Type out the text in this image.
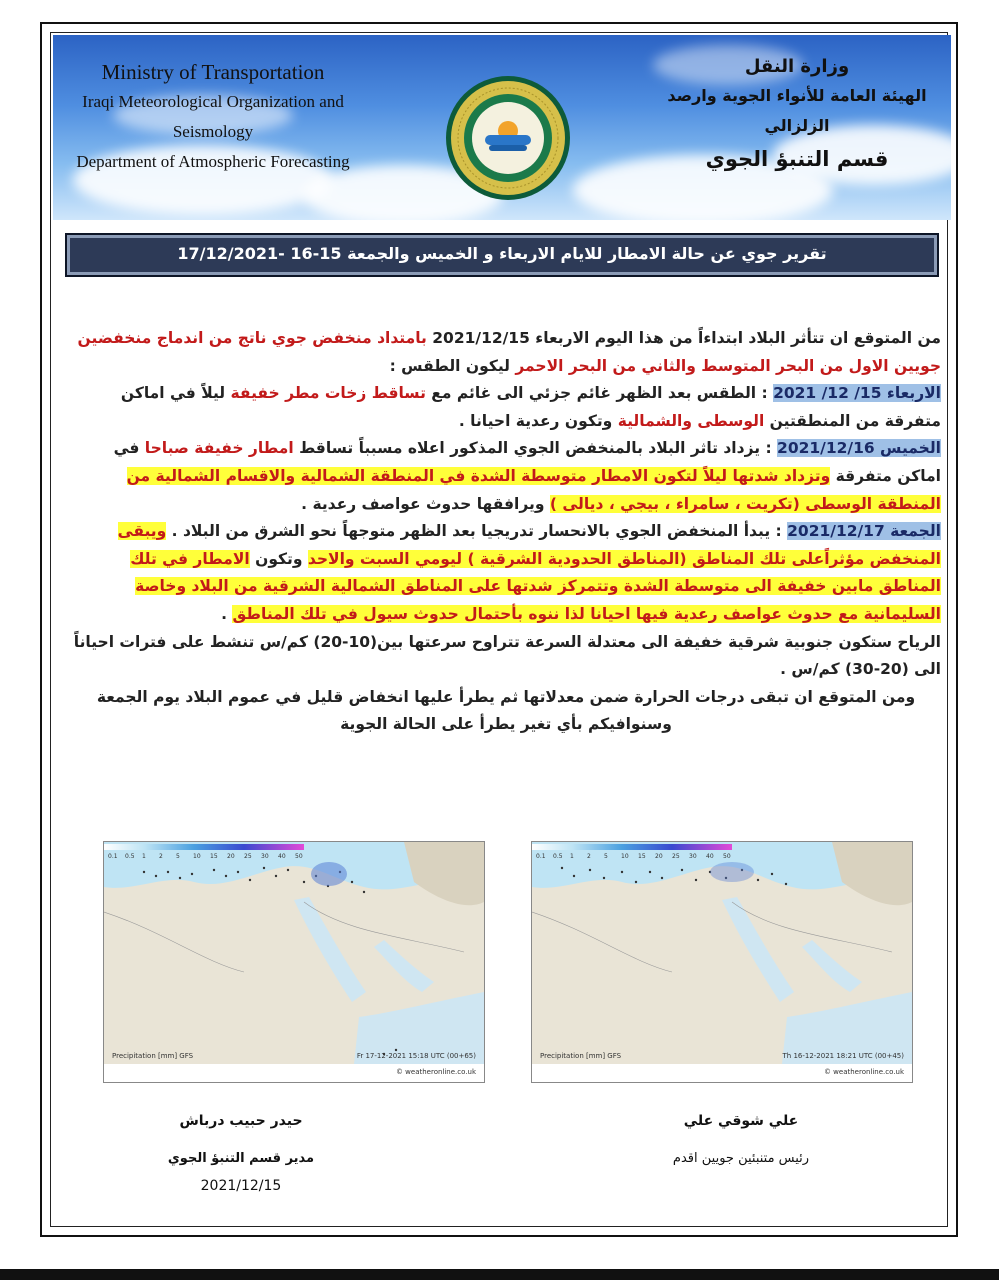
Ministry of Transportation
Iraqi Meteorological Organization and Seismology
Department of Atmospheric Forecasting
وزارة النقل
الهيئة العامة للأنواء الجوية وارصد الزلزالي
قسم التنبؤ الجوي
تقرير جوي عن حالة الامطار للايام الاربعاء و الخميس والجمعة 15-16 -17/12/2021

من المتوقع ان تتأثر البلاد ابتداءاً من هذا اليوم الاربعاء 2021/12/15 بامتداد منخفض جوي ناتج من اندماج منخفضين جويين الاول من البحر المتوسط والثاني من البحر الاحمر ليكون الطقس :

الاربعاء 15/ 12/ 2021 : الطقس بعد الظهر غائم جزئي الى غائم مع تساقط زخات مطر خفيفة ليلاً في اماكن متفرقة من المنطقتين الوسطى والشمالية وتكون رعدية احيانا .

الخميس 2021/12/16 : يزداد تاثر البلاد بالمنخفض الجوي المذكور اعلاه مسبباً تساقط امطار خفيفة صباحا في اماكن متفرقة وتزداد شدتها ليلاً لتكون الامطار متوسطة الشدة في المنطقة الشمالية والاقسام الشمالية من المنطقة الوسطى (تكريت ، سامراء ، بيجي ، ديالى ) ويرافقها حدوث عواصف رعدية .

الجمعة 2021/12/17 : يبدأ المنخفض الجوي بالانحسار تدريجيا بعد الظهر متوجهاً نحو الشرق من البلاد . ويبقى المنخفض مؤثراًعلى تلك المناطق (المناطق الحدودية الشرقية ) ليومي السبت والاحد وتكون الامطار في تلك المناطق مابين خفيفة الى متوسطة الشدة وتتمركز شدتها على المناطق الشمالية الشرقية من البلاد وخاصة السليمانية مع حدوث عواصف رعدية فيها احيانا لذا ننوه بأحتمال حدوث سيول في تلك المناطق .

الرياح ستكون جنوبية شرقية خفيفة الى معتدلة السرعة تتراوح سرعتها بين(10-20) كم/س تنشط على فترات احياناً الى (20-30) كم/س .

ومن المتوقع ان تبقى درجات الحرارة ضمن معدلاتها ثم يطرأ عليها انخفاض قليل في عموم البلاد يوم الجمعة وسنوافيكم بأي تغير يطرأ على الحالة الجوية

0.1 0.5 1 2 5 10 15 20 25 30 40 50
Precipitation [mm] GFS	Fr 17-12-2021 15:18 UTC (00+65)
© weatheronline.co.uk
0.1 0.5 1 2 5 10 15 20 25 30 40 50
Precipitation [mm] GFS	Th 16-12-2021 18:21 UTC (00+45)
© weatheronline.co.uk
حيدر حبيب درباش
مدير قسم التنبؤ الجوي
2021/12/15
علي شوقي علي
رئيس متنبئين جويين اقدم
